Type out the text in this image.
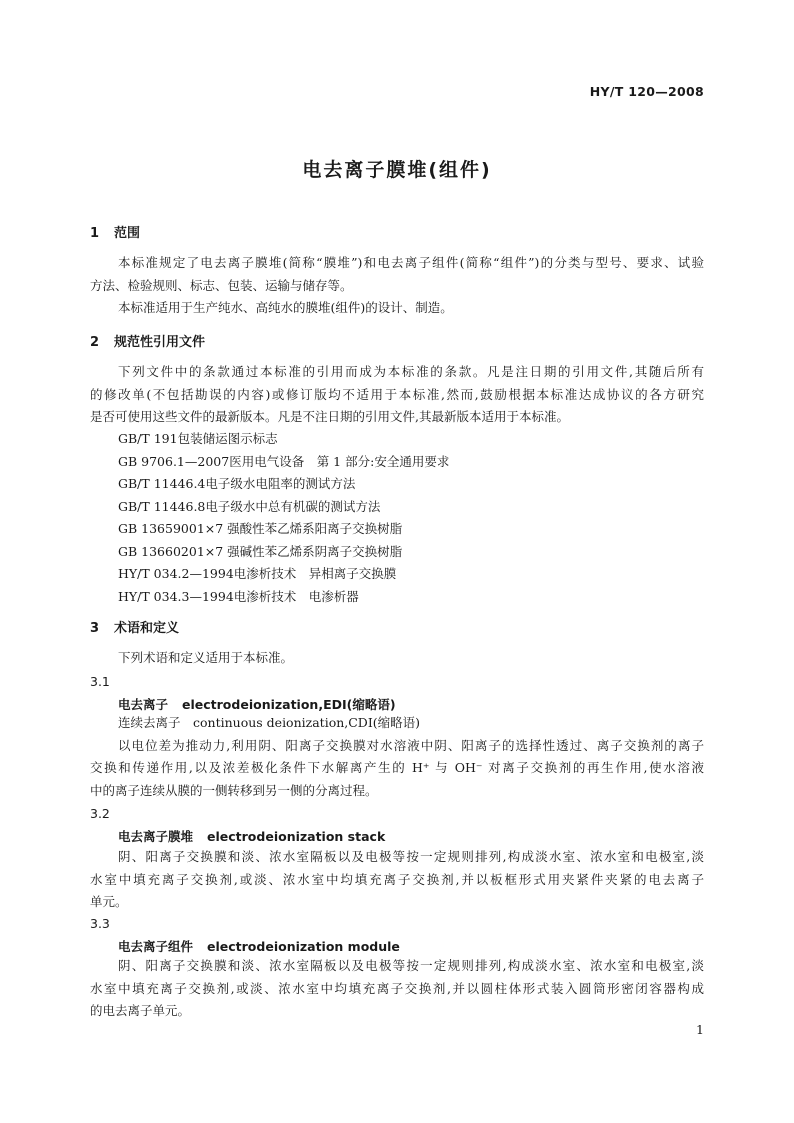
HY/T 120—2008
电去离子膜堆(组件)
1 范围
本标准规定了电去离子膜堆(简称“膜堆”)和电去离子组件(简称“组件”)的分类与型号、要求、试验
方法、检验规则、标志、包装、运输与储存等。
本标准适用于生产纯水、高纯水的膜堆(组件)的设计、制造。
2 规范性引用文件
下列文件中的条款通过本标准的引用而成为本标准的条款。凡是注日期的引用文件,其随后所有
的修改单(不包括勘误的内容)或修订版均不适用于本标准,然而,鼓励根据本标准达成协议的各方研究
是否可使用这些文件的最新版本。凡是不注日期的引用文件,其最新版本适用于本标准。
GB/T 191包装储运图示标志
GB 9706.1—2007医用电气设备　第 1 部分:安全通用要求
GB/T 11446.4电子级水电阻率的测试方法
GB/T 11446.8电子级水中总有机碳的测试方法
GB 13659001×7 强酸性苯乙烯系阳离子交换树脂
GB 13660201×7 强碱性苯乙烯系阴离子交换树脂
HY/T 034.2—1994电渗析技术　异相离子交换膜
HY/T 034.3—1994电渗析技术　电渗析器
3 术语和定义
下列术语和定义适用于本标准。
3.1
电去离子 electrodeionization,EDI(缩略语)
连续去离子　continuous deionization,CDI(缩略语)
以电位差为推动力,利用阴、阳离子交换膜对水溶液中阴、阳离子的选择性透过、离子交换剂的离子
交换和传递作用,以及浓差极化条件下水解离产生的 H⁺ 与 OH⁻ 对离子交换剂的再生作用,使水溶液
中的离子连续从膜的一侧转移到另一侧的分离过程。
3.2
电去离子膜堆 electrodeionization stack
阴、阳离子交换膜和淡、浓水室隔板以及电极等按一定规则排列,构成淡水室、浓水室和电极室,淡
水室中填充离子交换剂,或淡、浓水室中均填充离子交换剂,并以板框形式用夹紧件夹紧的电去离子
单元。
3.3
电去离子组件 electrodeionization module
阴、阳离子交换膜和淡、浓水室隔板以及电极等按一定规则排列,构成淡水室、浓水室和电极室,淡
水室中填充离子交换剂,或淡、浓水室中均填充离子交换剂,并以圆柱体形式装入圆筒形密闭容器构成
的电去离子单元。
1
